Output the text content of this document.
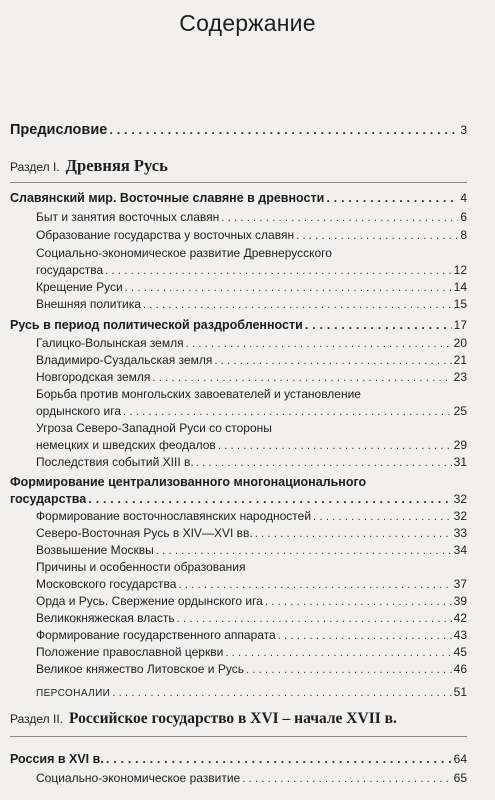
Содержание
Предисловие . . .	3
Раздел I. Древняя Русь
Славянский мир. Восточные славяне в древности . . .	4
Быт и занятия восточных славян . . .	6
Образование государства у восточных славян . . .	8
Социально-экономическое развитие Древнерусского
государства . . .	12
Крещение Руси . . .	14
Внешняя политика . . .	15
Русь в период политической раздробленности . . .	17
Галицко-Волынская земля . . .	20
Владимиро-Суздальская земля . . .	21
Новгородская земля . . .	23
Борьба против монгольских завоевателей и установление
ордынского ига . . .	25
Угроза Северо-Западной Руси со стороны
немецких и шведских феодалов . . .	29
Последствия событий XIII в. . . .	31
Формирование централизованного многонационального
государства . . .	32
Формирование восточнославянских народностей . . .	32
Северо-Восточная Русь в XIV—XVI вв. . . .	33
Возвышение Москвы . . .	34
Причины и особенности образования
Московского государства . . .	37
Орда и Русь. Свержение ордынского ига . . .	39
Великокняжеская власть . . .	42
Формирование государственного аппарата . . .	43
Положение православной церкви . . .	45
Великое княжество Литовское и Русь . . .	46
ПЕРСОНАЛИИ . . .	51
Раздел II. Российское государство в XVI – начале XVII в.
Россия в XVI в. . . .	64
Социально-экономическое развитие . . .	65
